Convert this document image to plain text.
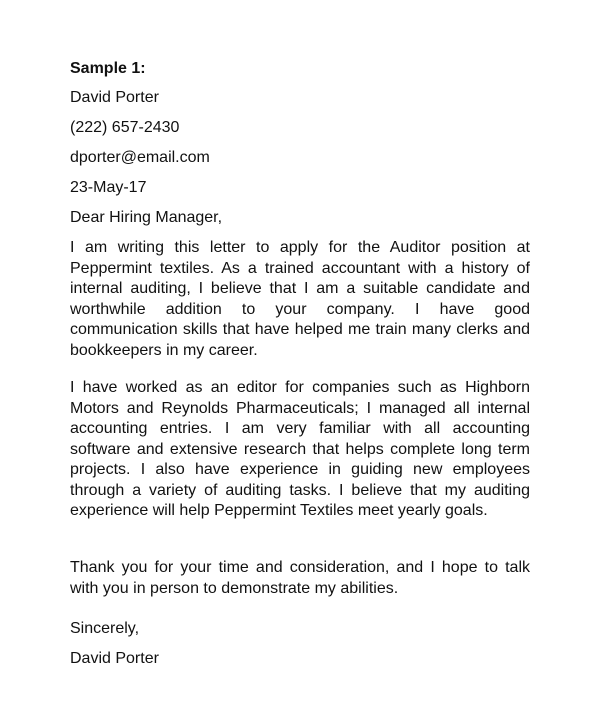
Sample 1:
David Porter
(222) 657-2430
dporter@email.com
23-May-17
Dear Hiring Manager,

I am writing this letter to apply for the Auditor position at Peppermint textiles. As a trained accountant with a history of internal auditing, I believe that I am a suitable candidate and worthwhile addition to your company. I have good communication skills that have helped me train many clerks and bookkeepers in my career.

I have worked as an editor for companies such as Highborn Motors and Reynolds Pharmaceuticals; I managed all internal accounting entries. I am very familiar with all accounting software and extensive research that helps complete long term projects. I also have experience in guiding new employees through a variety of auditing tasks. I believe that my auditing experience will help Peppermint Textiles meet yearly goals.

Thank you for your time and consideration, and I hope to talk with you in person to demonstrate my abilities.

Sincerely,
David Porter
